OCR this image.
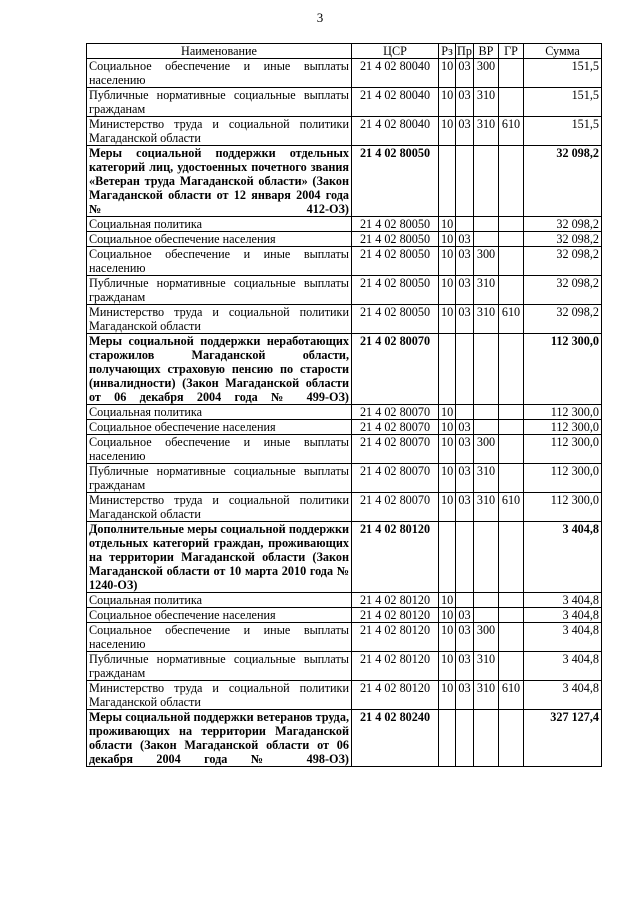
3
Наименование	ЦСР	Рз	Пр	ВР	ГР	Сумма
Социальное обеспечение и иные выплаты населению	21 4 02 80040	10	03	300		151,5
Публичные нормативные социальные выплаты гражданам	21 4 02 80040	10	03	310		151,5
Министерство труда и социальной политики Магаданской области	21 4 02 80040	10	03	310	610	151,5
Меры социальной поддержки отдельных категорий лиц, удостоенных почетного звания «Ветеран труда Магаданской области» (Закон Магаданской области от 12 января 2004 года № 412-ОЗ)	21 4 02 80050					32 098,2
Социальная политика	21 4 02 80050	10				32 098,2
Социальное обеспечение населения	21 4 02 80050	10	03			32 098,2
Социальное обеспечение и иные выплаты населению	21 4 02 80050	10	03	300		32 098,2
Публичные нормативные социальные выплаты гражданам	21 4 02 80050	10	03	310		32 098,2
Министерство труда и социальной политики Магаданской области	21 4 02 80050	10	03	310	610	32 098,2
Меры социальной поддержки неработающих старожилов Магаданской области, получающих страховую пенсию по старости (инвалидности) (Закон Магаданской области от 06 декабря 2004 года № 499-ОЗ)	21 4 02 80070					112 300,0
Социальная политика	21 4 02 80070	10				112 300,0
Социальное обеспечение населения	21 4 02 80070	10	03			112 300,0
Социальное обеспечение и иные выплаты населению	21 4 02 80070	10	03	300		112 300,0
Публичные нормативные социальные выплаты гражданам	21 4 02 80070	10	03	310		112 300,0
Министерство труда и социальной политики Магаданской области	21 4 02 80070	10	03	310	610	112 300,0
Дополнительные меры социальной поддержки отдельных категорий граждан, проживающих на территории Магаданской области (Закон Магаданской области от 10 марта 2010 года № 1240-ОЗ)	21 4 02 80120					3 404,8
Социальная политика	21 4 02 80120	10				3 404,8
Социальное обеспечение населения	21 4 02 80120	10	03			3 404,8
Социальное обеспечение и иные выплаты населению	21 4 02 80120	10	03	300		3 404,8
Публичные нормативные социальные выплаты гражданам	21 4 02 80120	10	03	310		3 404,8
Министерство труда и социальной политики Магаданской области	21 4 02 80120	10	03	310	610	3 404,8
Меры социальной поддержки ветеранов труда, проживающих на территории Магаданской области (Закон Магаданской области от 06 декабря 2004 года № 498-ОЗ)	21 4 02 80240					327 127,4
